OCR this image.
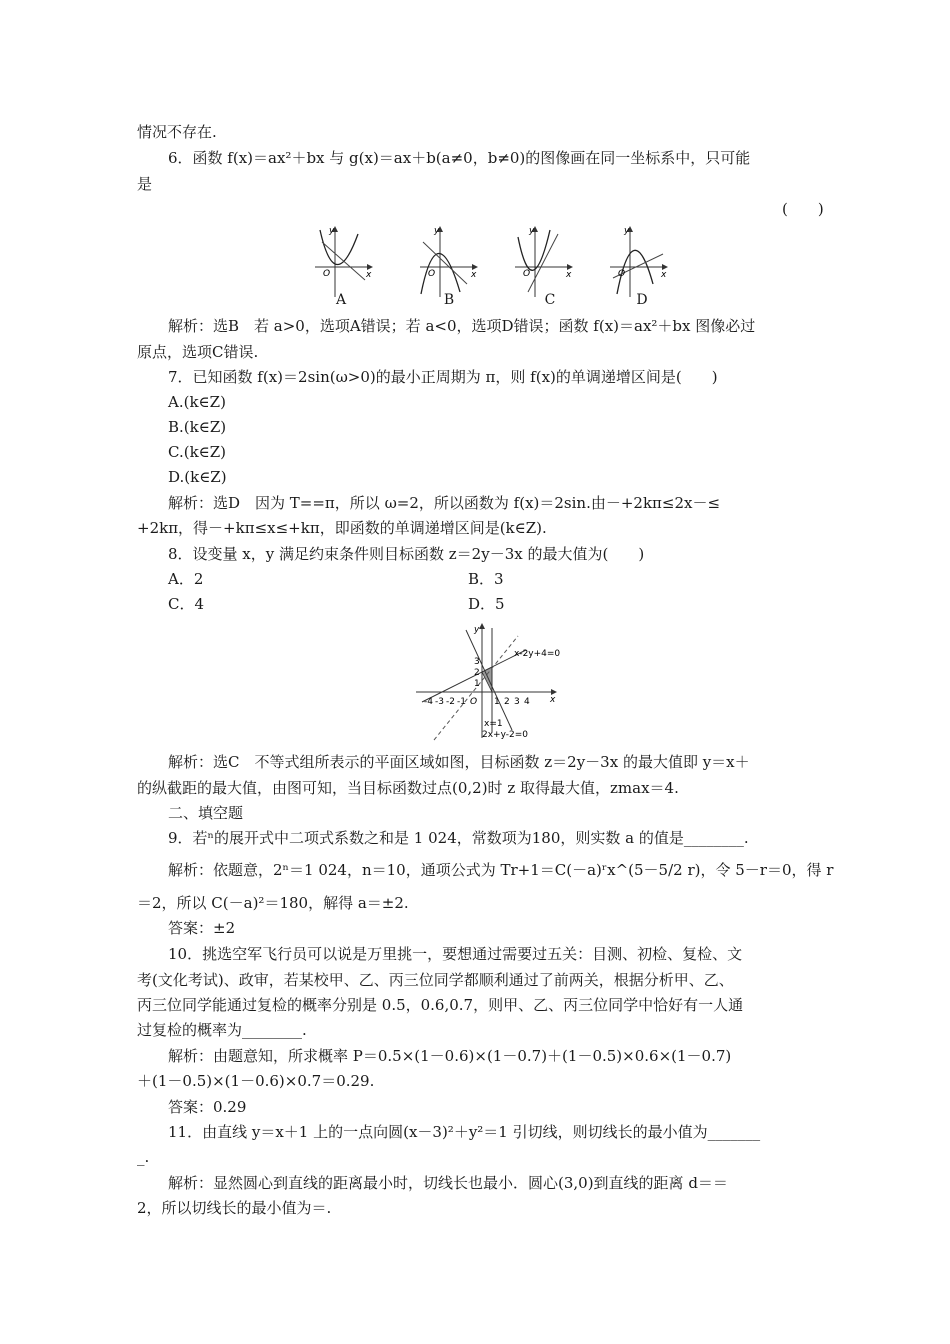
情况不存在.
6．函数 f(x)＝ax²＋bx 与 g(x)＝ax＋b(a≠0，b≠0)的图像画在同一坐标系中，只可能
是
(　　)
y
x
O
y
x
O
y
x
O
y
x
O
A	B	C	D
解析：选B　若 a>0，选项A错误；若 a<0，选项D错误；函数 f(x)＝ax²＋bx 图像必过
原点，选项C错误.
7．已知函数 f(x)＝2sin(ω>0)的最小正周期为 π，则 f(x)的单调递增区间是(　　)
A.(k∈Z)
B.(k∈Z)
C.(k∈Z)
D.(k∈Z)
解析：选D　因为 T==π，所以 ω=2，所以函数为 f(x)＝2sin.由－+2kπ≤2x－≤
+2kπ，得－+kπ≤x≤+kπ，即函数的单调递增区间是(k∈Z).
8．设变量 x，y 满足约束条件则目标函数 z＝2y－3x 的最大值为(　　)
A．2	B．3
C．4	D．5
-4 -3 -2 -1	1 2 3 4
1
2
3
y
x
O
x-2y+4=0
x=1
2x+y-2=0
解析：选C　不等式组所表示的平面区域如图，目标函数 z＝2y－3x 的最大值即 y＝x＋
的纵截距的最大值，由图可知，当目标函数过点(0,2)时 z 取得最大值，zmax＝4.
二、填空题
9．若ⁿ的展开式中二项式系数之和是 1 024，常数项为180，则实数 a 的值是________.
解析：依题意，2ⁿ＝1 024，n＝10，通项公式为 Tr+1＝C(－a)ʳx^(5－5/2 r)，令 5－r＝0，得 r
＝2，所以 C(－a)²＝180，解得 a＝±2.
答案：±2
10．挑选空军飞行员可以说是万里挑一，要想通过需要过五关：目测、初检、复检、文
考(文化考试)、政审，若某校甲、乙、丙三位同学都顺利通过了前两关，根据分析甲、乙、
丙三位同学能通过复检的概率分别是 0.5，0.6,0.7，则甲、乙、丙三位同学中恰好有一人通
过复检的概率为________.
解析：由题意知，所求概率 P＝0.5×(1－0.6)×(1－0.7)＋(1－0.5)×0.6×(1－0.7)
＋(1－0.5)×(1－0.6)×0.7＝0.29.
答案：0.29
11．由直线 y＝x＋1 上的一点向圆(x－3)²＋y²＝1 引切线，则切线长的最小值为_______
_.
解析：显然圆心到直线的距离最小时，切线长也最小．圆心(3,0)到直线的距离 d＝＝
2，所以切线长的最小值为＝.
